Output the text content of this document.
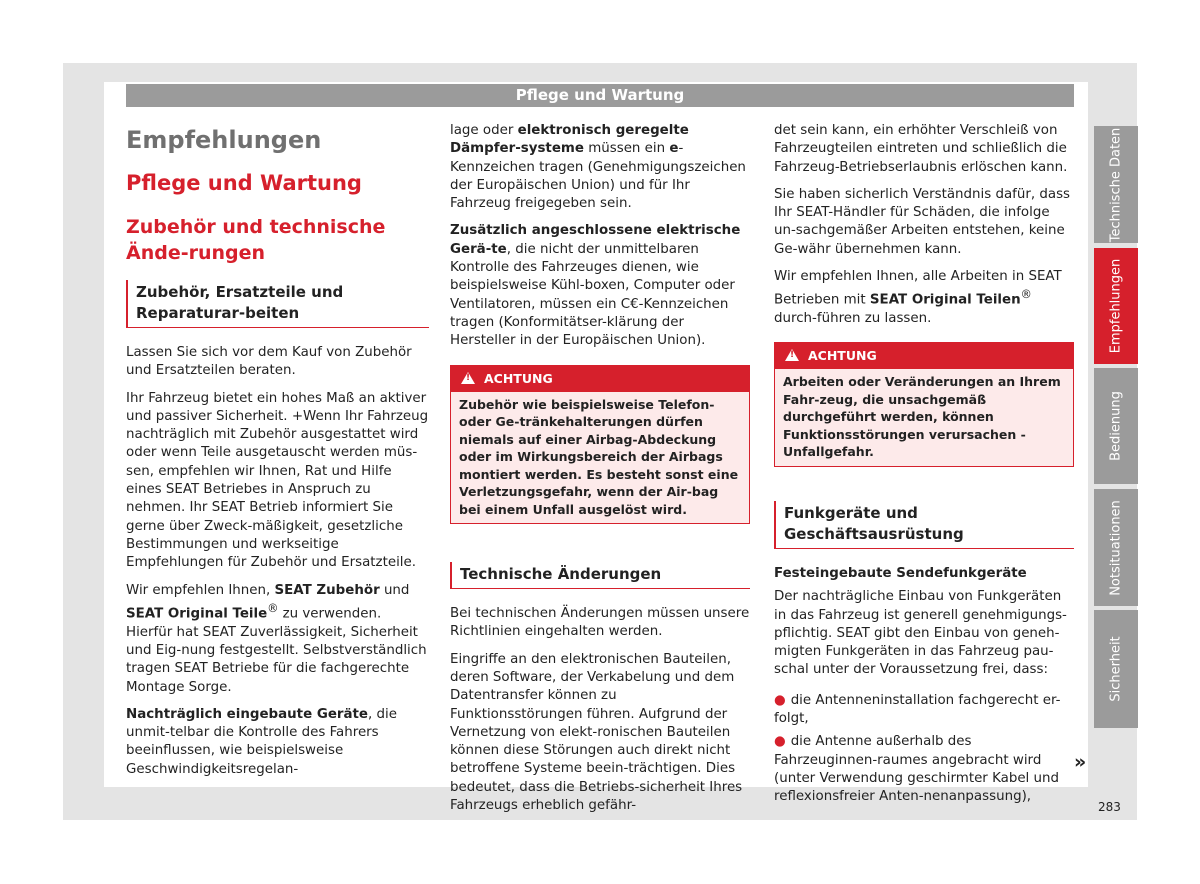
Pflege und Wartung
Empfehlungen
Pflege und Wartung
Zubehör und technische Ände-rungen
Zubehör, Ersatzteile und Reparaturar-beiten

Lassen Sie sich vor dem Kauf von Zubehör und Ersatzteilen beraten.

Ihr Fahrzeug bietet ein hohes Maß an aktiver und passiver Sicherheit. +Wenn Ihr Fahrzeug nachträglich mit Zubehör ausgestattet wird oder wenn Teile ausgetauscht werden müs-sen, empfehlen wir Ihnen, Rat und Hilfe eines SEAT Betriebes in Anspruch zu nehmen. Ihr SEAT Betrieb informiert Sie gerne über Zweck-mäßigkeit, gesetzliche Bestimmungen und werkseitige Empfehlungen für Zubehör und Ersatzteile.

Wir empfehlen Ihnen, SEAT Zubehör und SEAT Original Teile® zu verwenden. Hierfür hat SEAT Zuverlässigkeit, Sicherheit und Eig-nung festgestellt. Selbstverständlich tragen SEAT Betriebe für die fachgerechte Montage Sorge.

Nachträglich eingebaute Geräte, die unmit-telbar die Kontrolle des Fahrers beeinflussen, wie beispielsweise Geschwindigkeitsregelan-

lage oder elektronisch geregelte Dämpfer-systeme müssen ein e-Kennzeichen tragen (Genehmigungszeichen der Europäischen Union) und für Ihr Fahrzeug freigegeben sein.

Zusätzlich angeschlossene elektrische Gerä-te, die nicht der unmittelbaren Kontrolle des Fahrzeuges dienen, wie beispielsweise Kühl-boxen, Computer oder Ventilatoren, müssen ein C€-Kennzeichen tragen (Konformitätser-klärung der Hersteller in der Europäischen Union).

! ACHTUNG
Zubehör wie beispielsweise Telefon- oder Ge-tränkehalterungen dürfen niemals auf einer Airbag-Abdeckung oder im Wirkungsbereich der Airbags montiert werden. Es besteht sonst eine Verletzungsgefahr, wenn der Air-bag bei einem Unfall ausgelöst wird.
Technische Änderungen

Bei technischen Änderungen müssen unsere Richtlinien eingehalten werden.

Eingriffe an den elektronischen Bauteilen, deren Software, der Verkabelung und dem Datentransfer können zu Funktionsstörungen führen. Aufgrund der Vernetzung von elekt-ronischen Bauteilen können diese Störungen auch direkt nicht betroffene Systeme beein-trächtigen. Dies bedeutet, dass die Betriebs-sicherheit Ihres Fahrzeugs erheblich gefähr-

det sein kann, ein erhöhter Verschleiß von Fahrzeugteilen eintreten und schließlich die Fahrzeug-Betriebserlaubnis erlöschen kann.

Sie haben sicherlich Verständnis dafür, dass Ihr SEAT-Händler für Schäden, die infolge un-sachgemäßer Arbeiten entstehen, keine Ge-währ übernehmen kann.

Wir empfehlen Ihnen, alle Arbeiten in SEAT Betrieben mit SEAT Original Teilen® durch-führen zu lassen.

! ACHTUNG
Arbeiten oder Veränderungen an Ihrem Fahr-zeug, die unsachgemäß durchgeführt werden, können Funktionsstörungen verursachen - Unfallgefahr.
Funkgeräte und Geschäftsausrüstung
Festeingebaute Sendefunkgeräte

Der nachträgliche Einbau von Funkgeräten in das Fahrzeug ist generell genehmigungs-pflichtig. SEAT gibt den Einbau von geneh-migten Funkgeräten in das Fahrzeug pau-schal unter der Voraussetzung frei, dass:

● die Antenneninstallation fachgerecht er-folgt,
● die Antenne außerhalb des Fahrzeuginnen-raumes angebracht wird (unter Verwendung geschirmter Kabel und reflexionsfreier Anten-nenanpassung),
Technische Daten
Empfehlungen
Bedienung
Notsituationen
Sicherheit
»
283
